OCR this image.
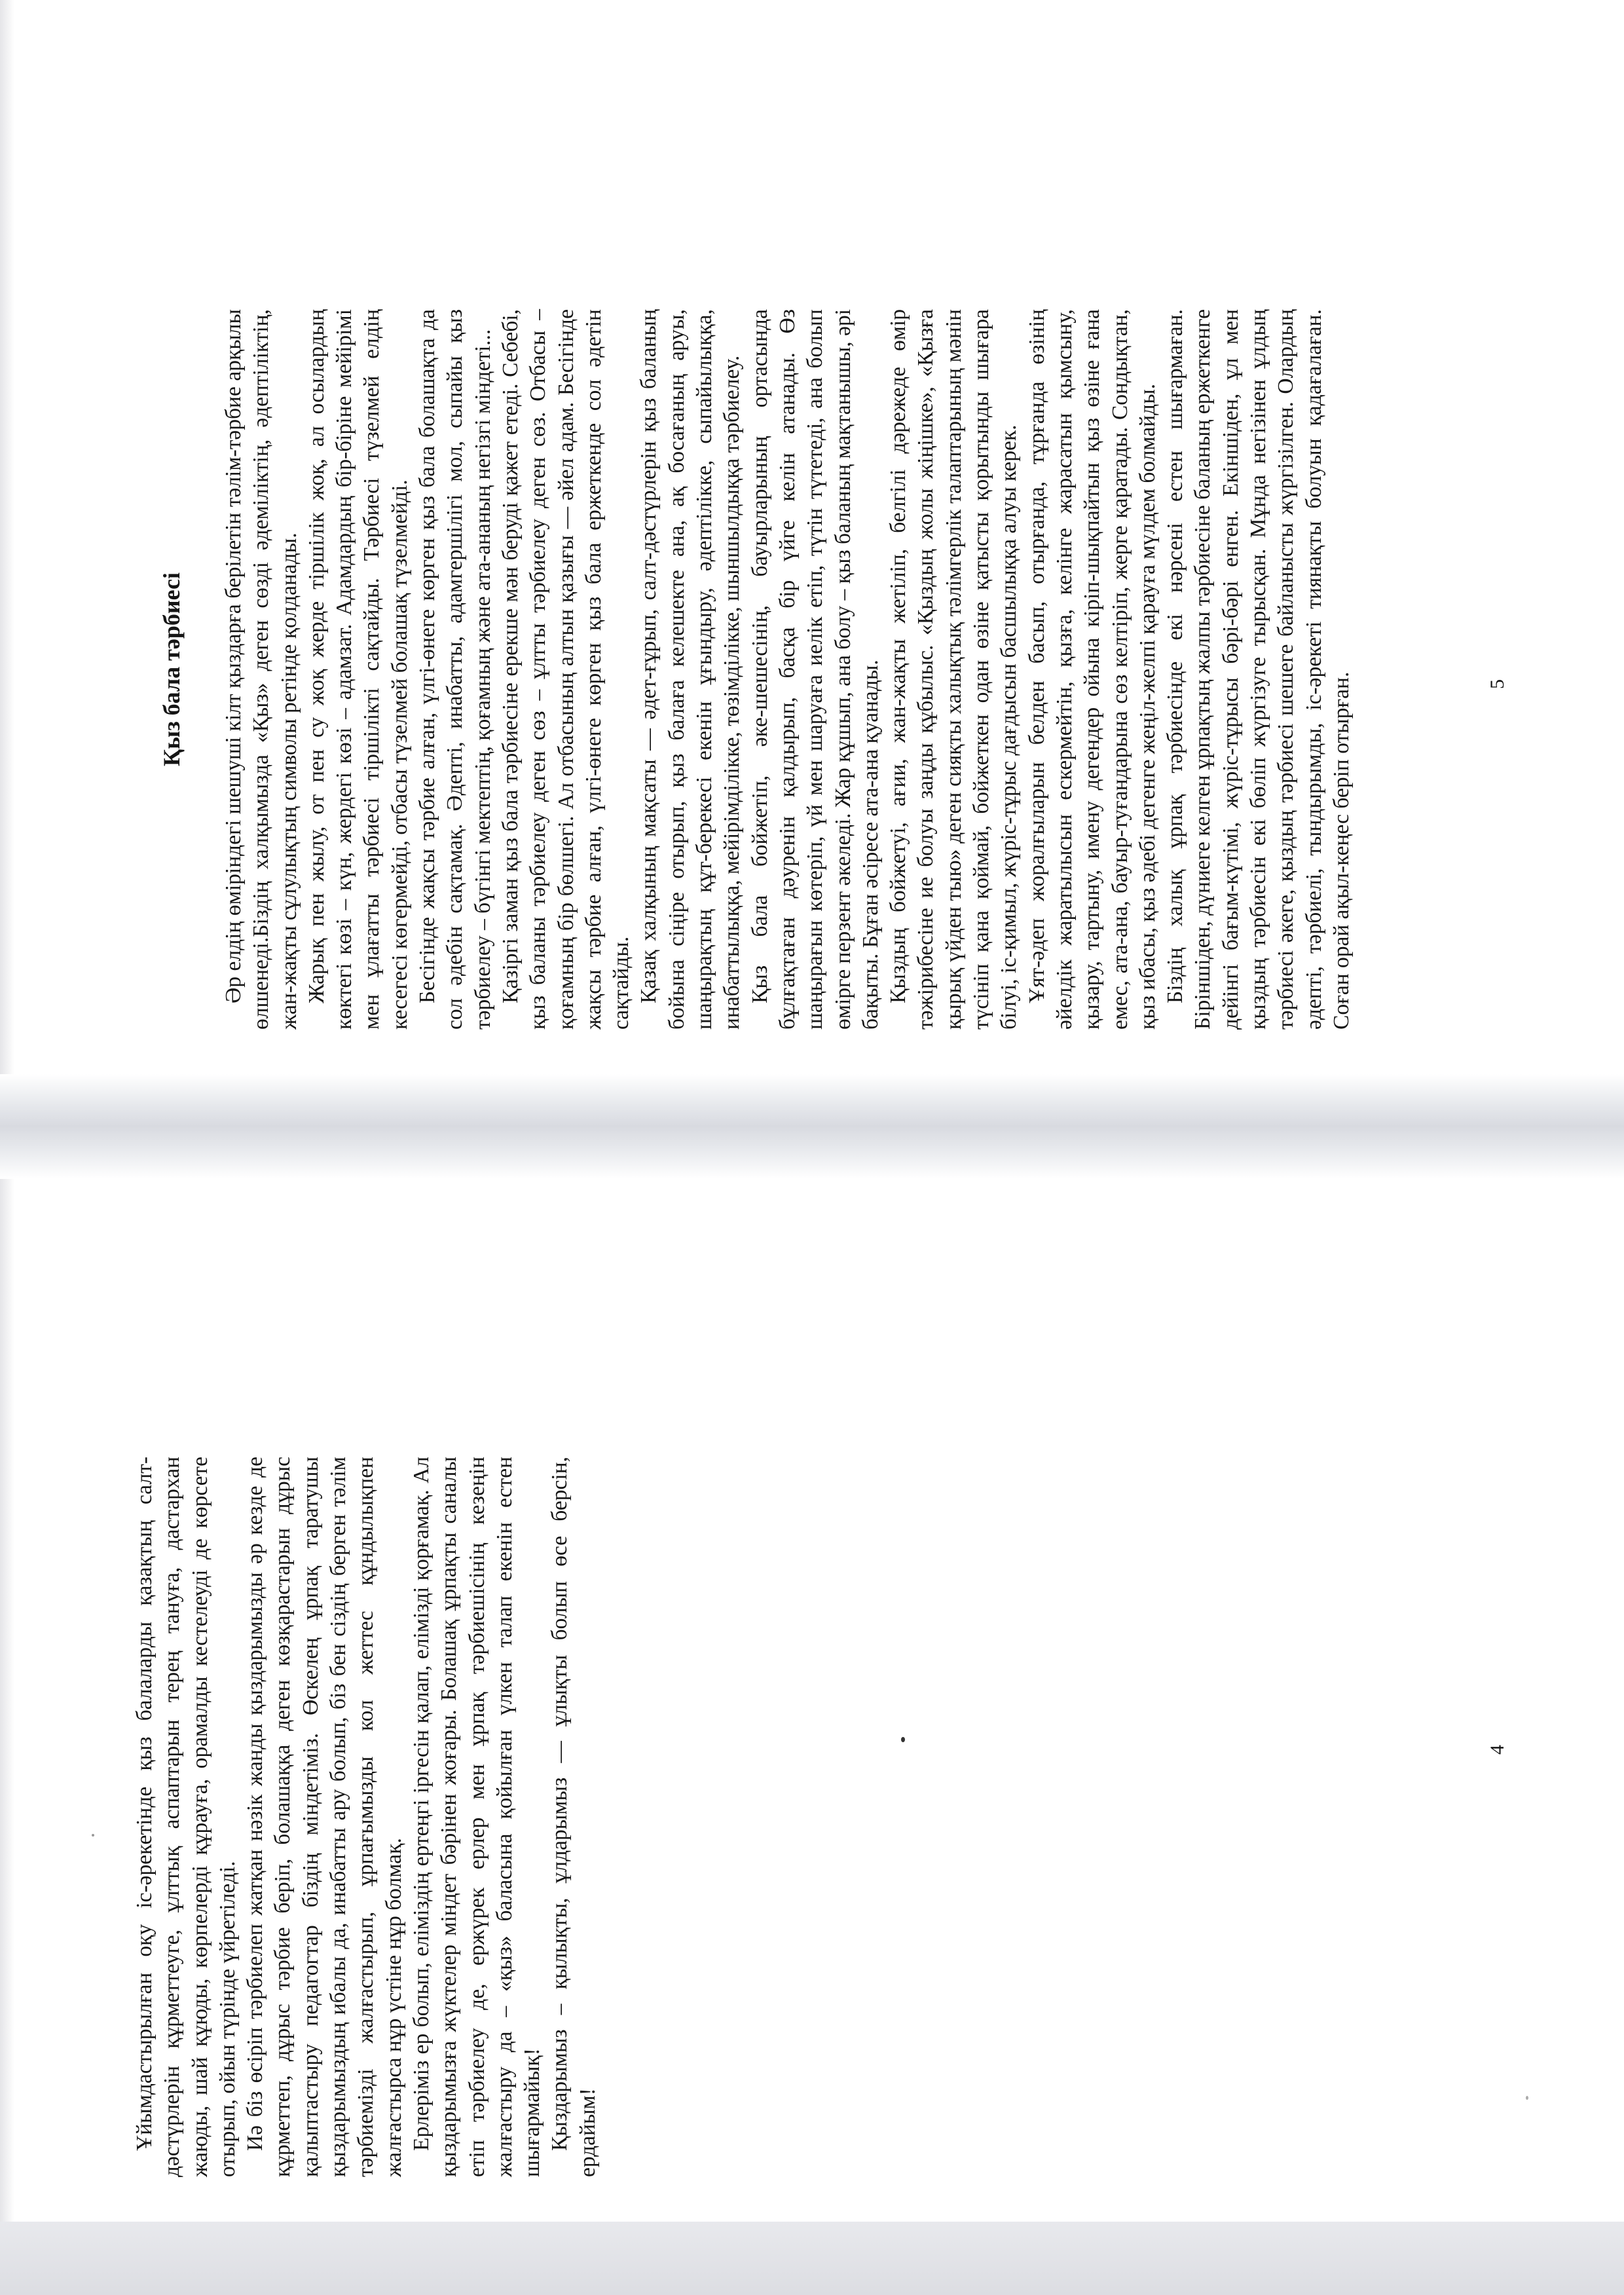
Ұйымдастырылған оқу іс-әрекетінде қыз балаларды қазақтың салт-дәстүрлерін құрметтеуге, ұлттық аспаптарын терең тануға, дастархан жаюды, шай құюды, көрпелерді құрауға, орамалды кестелеуді де көрсете отырып, ойын түрінде үйретіледі. Иә біз өсіріп тәрбиелеп жатқан нәзік жанды қыздарымызды әр кезде де құрметтеп, дұрыс тәрбие беріп, болашаққа деген көзқарастарын дұрыс қалыптастыру педагогтар біздің міндетіміз. Өскелең ұрпақ таратушы қыздарымыздың ибалы да, инабатты ару болып, біз бен сіздің берген тәлім тәрбиемізді жалғастырып, ұрпағымызды кол жеттес құндылықпен жалғастырса нұр үстіне нұр болмақ. Ерлеріміз ер болып, еліміздің ертеңгі іргесін қалап, елімізді қорғамақ. Ал қыздарымызға жүктелер міндет бәрінен жоғары. Болашақ ұрпақты саналы етіп тәрбиелеу де, ержүрек ерлер мен ұрпақ тәрбиешісінің кезеңін жалғастыру да – «қыз» баласына қойылған үлкен талап екенін естен шығармайық! Қыздарымыз – қылықты, ұлдарымыз — ұлықты болып өсе берсін, ердайым!

4
Қыз бала тәрбиесі Әр елдің өміріндегі шешуші кілт қыздарға берілетін тәлім-тәрбие арқылы өлшенеді.Біздің халқымызда «Қыз» деген сөзді әдеміліктің, әдептіліктің, жан-жақты сұлулықтың символы ретінде қолданады. Жарық пен жылу, от пен су жоқ жерде тіршілік жоқ, ал осылардың көктегі көзі – күн, жердегі көзі – адамзат. Адамдардың бір-біріне мейірімі мен ұлағатты тәрбиесі тіршілікті сақтайды. Тәрбиесі түзелмей елдің кесегесі көгермейді, отбасы түзелмей болашақ түзелмейді. Бесігінде жақсы тәрбие алған, үлгі-өнеге көрген қыз бала болашақта да сол әдебін сақтамақ. Әдепті, инабатты, адамгершілігі мол, сыпайы қыз тәрбиелеу – бүгінгі мектептің, қоғамның және ата-ананың негізгі міндеті... Қазіргі заман қыз бала тәрбиесіне ерекше мән беруді қажет етеді. Себебі, қыз баланы тәрбиелеу деген сөз – ұлтты тәрбиелеу деген сөз. Отбасы – қоғамның бір бөлшегі. Ал отбасының алтын қазығы — әйел адам. Бесігінде жақсы тәрбие алған, үлгі-өнеге көрген қыз бала ержеткенде сол әдетін сақтайды. Қазақ халқының мақсаты — әдет-ғұрып, салт-дәстүрлерін қыз баланың бойына сіңіре отырып, қыз балаға келешекте ана, ақ босағаның аруы, шаңырақтың құт-берекесі екенін ұғындыру, әдептілікке, сыпайылыққа, инабаттылыққа, мейірімділікке, төзімділікке, шыншылдыққа тәрбиелеу. Қыз бала бойжетіп, әке-шешесінің, бауырларының ортасында бұлғақтаған дәуренін қалдырып, басқа бір үйге келін атанады. Өз шаңырағын көтеріп, үй мен шаруаға иелік етіп, түтін түтетеді, ана болып өмірге перзент әкеледі. Жар құшып, ана болу – қыз баланың мақтанышы, әрі бақыты. Бұған әсіресе ата-ана қуанады. Қыздың бойжетуі, ағии, жан-жақты жетіліп, белгілі дәрежеде өмір тәжірибесіне ие болуы заңды құбылыс. «Қыздың жолы жіңішке», «Қызға қырық үйден тыю» деген сияқты халықтық тәлімгерлік талаптарының мәнін түсініп қана қоймай, бойжеткен одан өзіне қатысты қорытынды шығара білуі, іс-қимыл, жүріс-тұрыс дағдысын басшылыққа алуы керек. Ұят-әдеп жоралғыларын белден басып, отырғанда, тұрғанда өзінің әйелдік жаратылысын ескермейтін, қызға, келінге жарасатын қымсыну, қызару, тартыну, имену дегендер ойына кіріп-шықпайтын қыз өзіне ғана емес, ата-ана, бауыр-туғандарына сөз келтіріп, жерге қаратады. Сондықтан, қыз ибасы, қыз әдебі дегенге жеңіл-желпі қарауға мүлдем болмайды. Біздің халық ұрпақ тәрбиесінде екі нәрсені естен шығармаған. Біріншіден, дүниеге келген ұрпақтың жалпы тәрбиесіне баланың ержеткенге дейінгі бағым-күтімі, жүріс-тұрысы бәрі-бәрі енген. Екіншіден, ұл мен қыздың тәрбиесін екі бөліп жүргізуге тырысқан. Мұнда негізінен ұлдың тәрбиесі әкеге, қыздың тәрбиесі шешеге байланысты жүргізілген. Олардың әдепті, тәрбиелі, тындырымды, іс-әрекеті тиянақты болуын қадағалаған. Соған орай ақыл-кеңес беріп отырған.	5
